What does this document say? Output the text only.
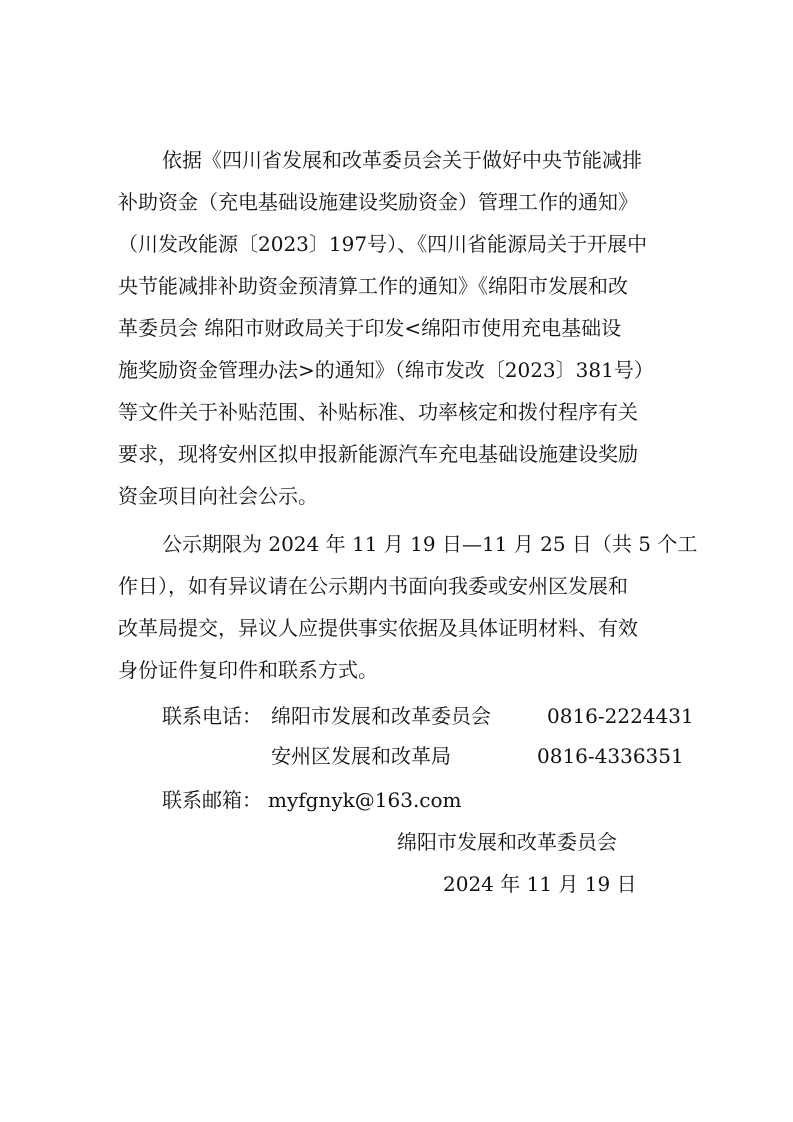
依据《四川省发展和改革委员会关于做好中央节能减排
补助资金（充电基础设施建设奖励资金）管理工作的通知》
（川发改能源〔2023〕197号）、《四川省能源局关于开展中
央节能减排补助资金预清算工作的通知》《绵阳市发展和改
革委员会 绵阳市财政局关于印发<绵阳市使用充电基础设
施奖励资金管理办法>的通知》（绵市发改〔2023〕381号）
等文件关于补贴范围、补贴标准、功率核定和拨付程序有关
要求，现将安州区拟申报新能源汽车充电基础设施建设奖励
资金项目向社会公示。
公示期限为 2024 年 11 月 19 日—11 月 25 日（共 5 个工
作日），如有异议请在公示期内书面向我委或安州区发展和
改革局提交，异议人应提供事实依据及具体证明材料、有效
身份证件复印件和联系方式。
联系电话： 绵阳市发展和改革委员会	0816-2224431
安州区发展和改革局	0816-4336351
联系邮箱： myfgnyk@163.com
绵阳市发展和改革委员会
2024 年 11 月 19 日
